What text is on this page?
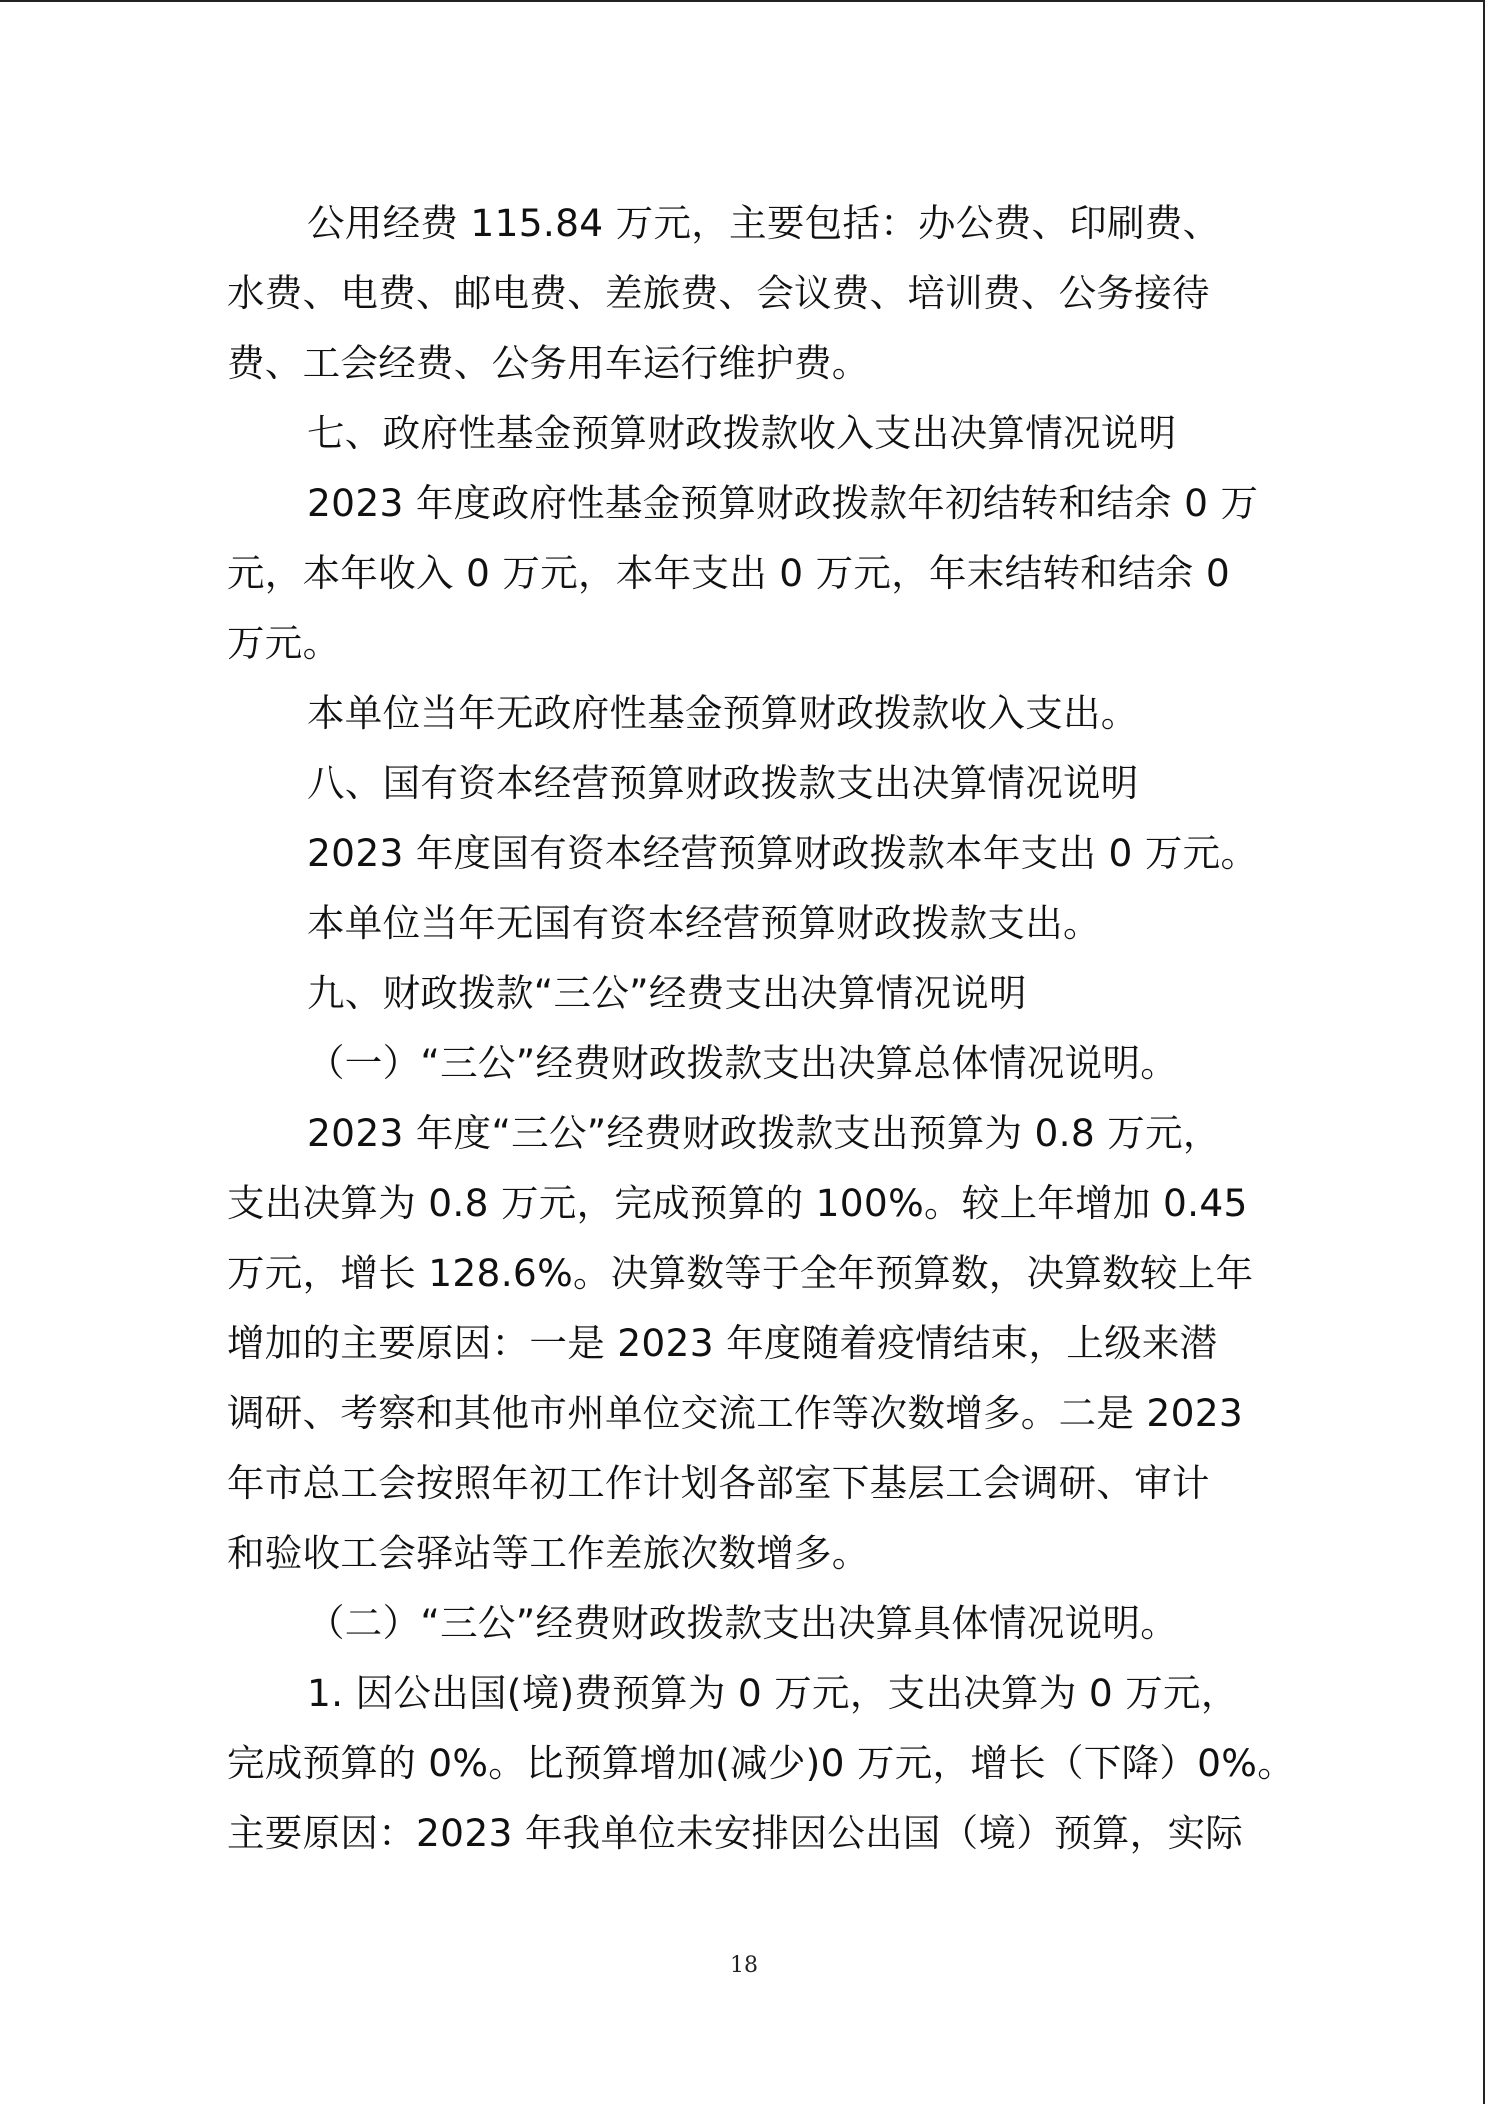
公用经费 115.84 万元，主要包括：办公费、印刷费、
水费、电费、邮电费、差旅费、会议费、培训费、公务接待
费、工会经费、公务用车运行维护费。
七、政府性基金预算财政拨款收入支出决算情况说明
2023 年度政府性基金预算财政拨款年初结转和结余 0 万
元，本年收入 0 万元，本年支出 0 万元，年末结转和结余 0
万元。
本单位当年无政府性基金预算财政拨款收入支出。
八、国有资本经营预算财政拨款支出决算情况说明
2023 年度国有资本经营预算财政拨款本年支出 0 万元。
本单位当年无国有资本经营预算财政拨款支出。
九、财政拨款“三公”经费支出决算情况说明
（一）“三公”经费财政拨款支出决算总体情况说明。
2023 年度“三公”经费财政拨款支出预算为 0.8 万元，
支出决算为 0.8 万元，完成预算的 100%。较上年增加 0.45
万元，增长 128.6%。决算数等于全年预算数，决算数较上年
增加的主要原因：一是 2023 年度随着疫情结束，上级来潜
调研、考察和其他市州单位交流工作等次数增多。二是 2023
年市总工会按照年初工作计划各部室下基层工会调研、审计
和验收工会驿站等工作差旅次数增多。
（二）“三公”经费财政拨款支出决算具体情况说明。
1. 因公出国(境)费预算为 0 万元，支出决算为 0 万元，
完成预算的 0%。比预算增加(减少)0 万元，增长（下降）0%。
主要原因：2023 年我单位未安排因公出国（境）预算，实际
18
